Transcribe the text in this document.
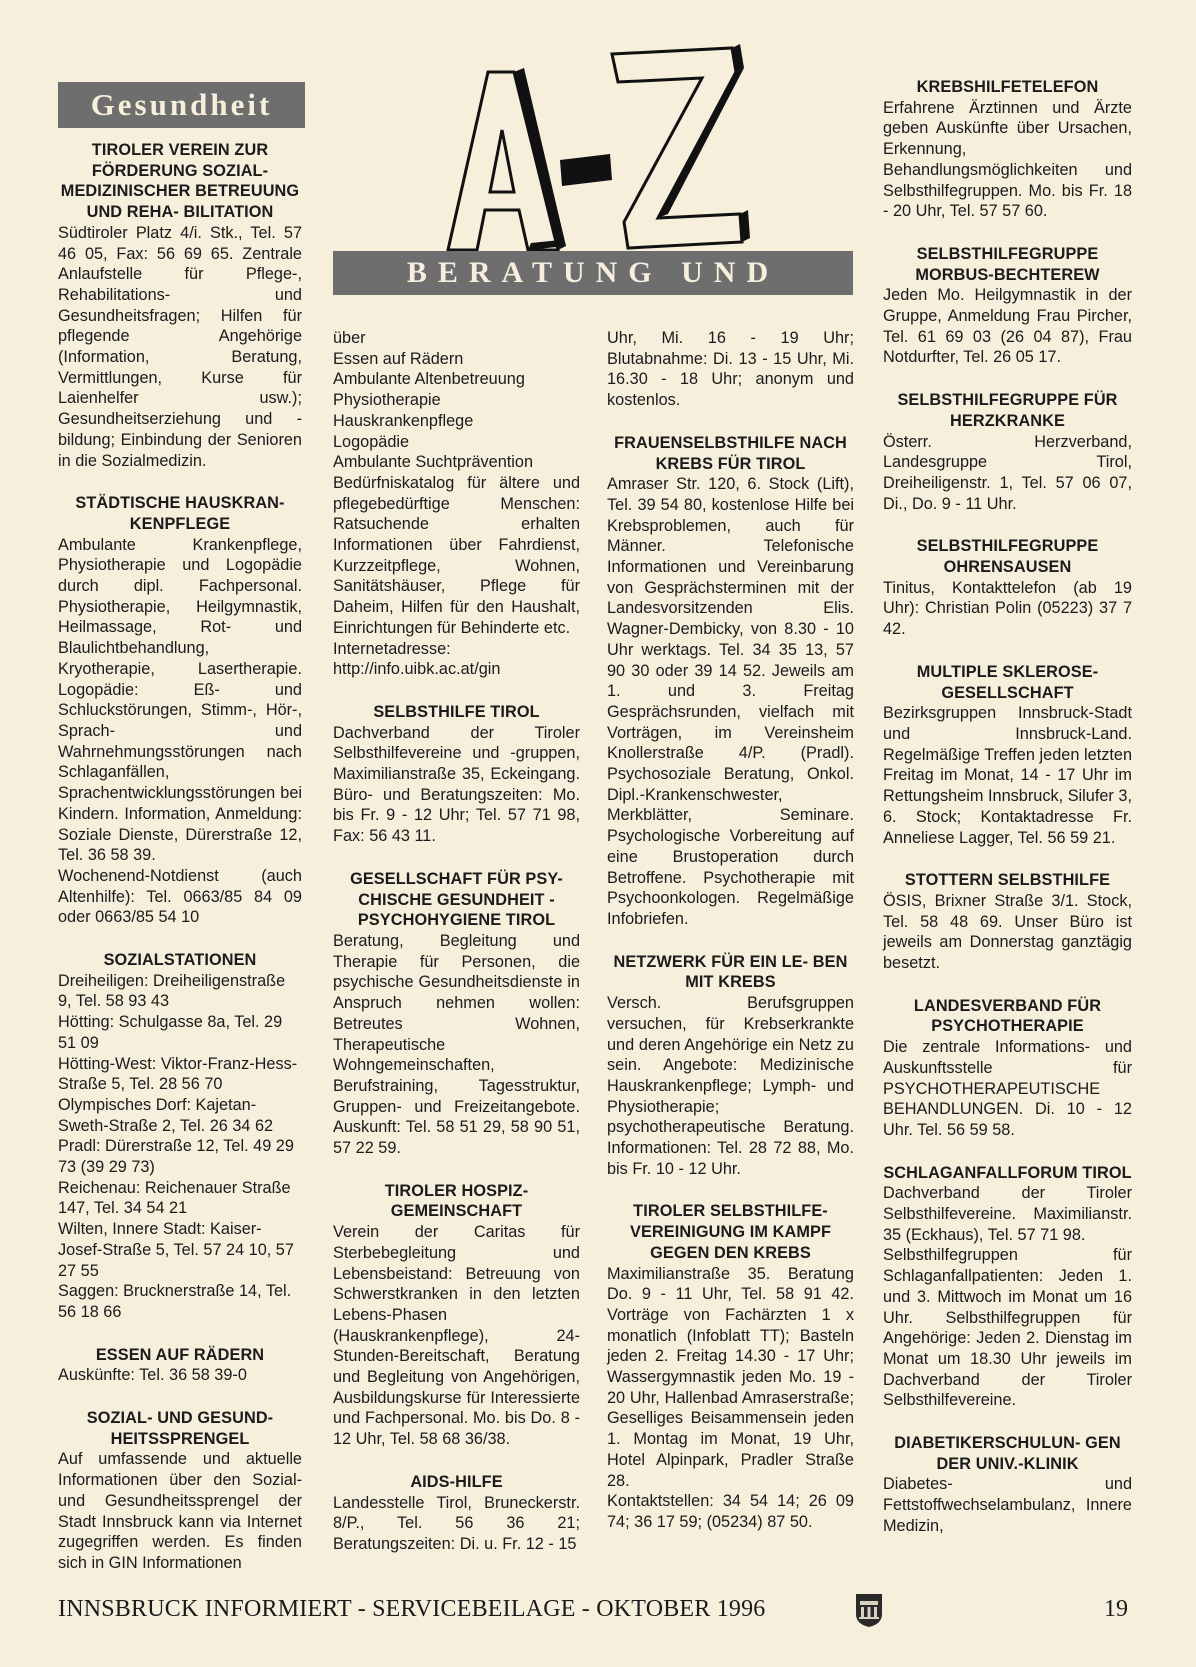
Gesundheit
BERATUNG UND HILFE
TIROLER VEREIN ZUR FÖRDERUNG SOZIAL- MEDIZINISCHER BETREUUNG UND REHA- BILITATION

Südtiroler Platz 4/i. Stk., Tel. 57 46 05, Fax: 56 69 65. Zentrale Anlaufstelle für Pflege-, Rehabilitations- und Gesundheitsfragen; Hilfen für pflegende Angehörige (Information, Beratung, Vermittlungen, Kurse für Laienhelfer usw.); Gesundheitserziehung und -bildung; Einbindung der Senioren in die Sozialmedizin.

STÄDTISCHE HAUSKRAN- KENPFLEGE

Ambulante Krankenpflege, Physiotherapie und Logopädie durch dipl. Fachpersonal. Physiotherapie, Heilgymnastik, Heilmassage, Rot- und Blaulichtbehandlung, Kryotherapie, Lasertherapie. Logopädie: Eß- und Schluckstörungen, Stimm-, Hör-, Sprach- und Wahrnehmungsstörungen nach Schlaganfällen, Sprachentwicklungsstörungen bei Kindern. Information, Anmeldung: Soziale Dienste, Dürerstraße 12, Tel. 36 58 39.

Wochenend-Notdienst (auch Altenhilfe): Tel. 0663/85 84 09 oder 0663/85 54 10

SOZIALSTATIONEN

Dreiheiligen: Dreiheiligenstraße 9, Tel. 58 93 43

Hötting: Schulgasse 8a, Tel. 29 51 09

Hötting-West: Viktor-Franz-Hess-Straße 5, Tel. 28 56 70

Olympisches Dorf: Kajetan-Sweth-Straße 2, Tel. 26 34 62

Pradl: Dürerstraße 12, Tel. 49 29 73 (39 29 73)

Reichenau: Reichenauer Straße 147, Tel. 34 54 21

Wilten, Innere Stadt: Kaiser-Josef-Straße 5, Tel. 57 24 10, 57 27 55

Saggen: Brucknerstraße 14, Tel. 56 18 66

ESSEN AUF RÄDERN

Auskünfte: Tel. 36 58 39-0

SOZIAL- UND GESUND- HEITSSPRENGEL

Auf umfassende und aktuelle Informationen über den Sozial- und Gesundheitssprengel der Stadt Innsbruck kann via Internet zugegriffen werden. Es finden sich in GIN Informationen

über

Essen auf Rädern

Ambulante Altenbetreuung

Physiotherapie

Hauskrankenpflege

Logopädie

Ambulante Suchtprävention

Bedürfniskatalog für ältere und pflegebedürftige Menschen: Ratsuchende erhalten Informationen über Fahrdienst, Kurzzeitpflege, Wohnen, Sanitätshäuser, Pflege für Daheim, Hilfen für den Haushalt, Einrichtungen für Behinderte etc.

Internetadresse: http://info.uibk.ac.at/gin

SELBSTHILFE TIROL

Dachverband der Tiroler Selbsthilfevereine und -gruppen, Maximilianstraße 35, Eckeingang. Büro- und Beratungszeiten: Mo. bis Fr. 9 - 12 Uhr; Tel. 57 71 98, Fax: 56 43 11.

GESELLSCHAFT FÜR PSY- CHISCHE GESUNDHEIT - PSYCHOHYGIENE TIROL

Beratung, Begleitung und Therapie für Personen, die psychische Gesundheitsdienste in Anspruch nehmen wollen: Betreutes Wohnen, Therapeutische Wohngemeinschaften, Berufstraining, Tagesstruktur, Gruppen- und Freizeitangebote. Auskunft: Tel. 58 51 29, 58 90 51, 57 22 59.

TIROLER HOSPIZ- GEMEINSCHAFT

Verein der Caritas für Sterbebegleitung und Lebensbeistand: Betreuung von Schwerstkranken in den letzten Lebens-Phasen (Hauskrankenpflege), 24-Stunden-Bereitschaft, Beratung und Begleitung von Angehörigen, Ausbildungskurse für Interessierte und Fachpersonal. Mo. bis Do. 8 - 12 Uhr, Tel. 58 68 36/38.

AIDS-HILFE

Landesstelle Tirol, Bruneckerstr. 8/P., Tel. 56 36 21; Beratungszeiten: Di. u. Fr. 12 - 15

Uhr, Mi. 16 - 19 Uhr; Blutabnahme: Di. 13 - 15 Uhr, Mi. 16.30 - 18 Uhr; anonym und kostenlos.

FRAUENSELBSTHILFE NACH KREBS FÜR TIROL

Amraser Str. 120, 6. Stock (Lift), Tel. 39 54 80, kostenlose Hilfe bei Krebsproblemen, auch für Männer. Telefonische Informationen und Vereinbarung von Gesprächsterminen mit der Landesvorsitzenden Elis. Wagner-Dembicky, von 8.30 - 10 Uhr werktags. Tel. 34 35 13, 57 90 30 oder 39 14 52. Jeweils am 1. und 3. Freitag Gesprächsrunden, vielfach mit Vorträgen, im Vereinsheim Knollerstraße 4/P. (Pradl). Psychosoziale Beratung, Onkol. Dipl.-Krankenschwester, Merkblätter, Seminare. Psychologische Vorbereitung auf eine Brustoperation durch Betroffene. Psychotherapie mit Psychoonkologen. Regelmäßige Infobriefen.

NETZWERK FÜR EIN LE- BEN MIT KREBS

Versch. Berufsgruppen versuchen, für Krebserkrankte und deren Angehörige ein Netz zu sein. Angebote: Medizinische Hauskrankenpflege; Lymph- und Physiotherapie; psychotherapeutische Beratung. Informationen: Tel. 28 72 88, Mo. bis Fr. 10 - 12 Uhr.

TIROLER SELBSTHILFE- VEREINIGUNG IM KAMPF GEGEN DEN KREBS

Maximilianstraße 35. Beratung Do. 9 - 11 Uhr, Tel. 58 91 42. Vorträge von Fachärzten 1 x monatlich (Infoblatt TT); Basteln jeden 2. Freitag 14.30 - 17 Uhr; Wassergymnastik jeden Mo. 19 - 20 Uhr, Hallenbad Amraserstraße; Geselliges Beisammensein jeden 1. Montag im Monat, 19 Uhr, Hotel Alpinpark, Pradler Straße 28.

Kontaktstellen: 34 54 14; 26 09 74; 36 17 59; (05234) 87 50.

KREBSHILFETELEFON

Erfahrene Ärztinnen und Ärzte geben Auskünfte über Ursachen, Erkennung, Behandlungsmöglichkeiten und Selbsthilfegruppen. Mo. bis Fr. 18 - 20 Uhr, Tel. 57 57 60.

SELBSTHILFEGRUPPE MORBUS-BECHTEREW

Jeden Mo. Heilgymnastik in der Gruppe, Anmeldung Frau Pircher, Tel. 61 69 03 (26 04 87), Frau Notdurfter, Tel. 26 05 17.

SELBSTHILFEGRUPPE FÜR HERZKRANKE

Österr. Herzverband, Landesgruppe Tirol, Dreiheiligenstr. 1, Tel. 57 06 07, Di., Do. 9 - 11 Uhr.

SELBSTHILFEGRUPPE OHRENSAUSEN

Tinitus, Kontakttelefon (ab 19 Uhr): Christian Polin (05223) 37 7 42.

MULTIPLE SKLEROSE- GESELLSCHAFT

Bezirksgruppen Innsbruck-Stadt und Innsbruck-Land. Regelmäßige Treffen jeden letzten Freitag im Monat, 14 - 17 Uhr im Rettungsheim Innsbruck, Silufer 3, 6. Stock; Kontaktadresse Fr. Anneliese Lagger, Tel. 56 59 21.

STOTTERN SELBSTHILFE

ÖSIS, Brixner Straße 3/1. Stock, Tel. 58 48 69. Unser Büro ist jeweils am Donnerstag ganztägig besetzt.

LANDESVERBAND FÜR PSYCHOTHERAPIE

Die zentrale Informations- und Auskunftsstelle für PSYCHOTHERAPEUTISCHE BEHANDLUNGEN. Di. 10 - 12 Uhr. Tel. 56 59 58.

SCHLAGANFALLFORUM TIROL

Dachverband der Tiroler Selbsthilfevereine. Maximilianstr. 35 (Eckhaus), Tel. 57 71 98.

Selbsthilfegruppen für Schlaganfallpatienten: Jeden 1. und 3. Mittwoch im Monat um 16 Uhr. Selbsthilfegruppen für Angehörige: Jeden 2. Dienstag im Monat um 18.30 Uhr jeweils im Dachverband der Tiroler Selbsthilfevereine.

DIABETIKERSCHULUN- GEN DER UNIV.-KLINIK

Diabetes- und Fettstoffwechselambulanz, Innere Medizin,

INNSBRUCK INFORMIERT - SERVICEBEILAGE - OKTOBER 1996	19
